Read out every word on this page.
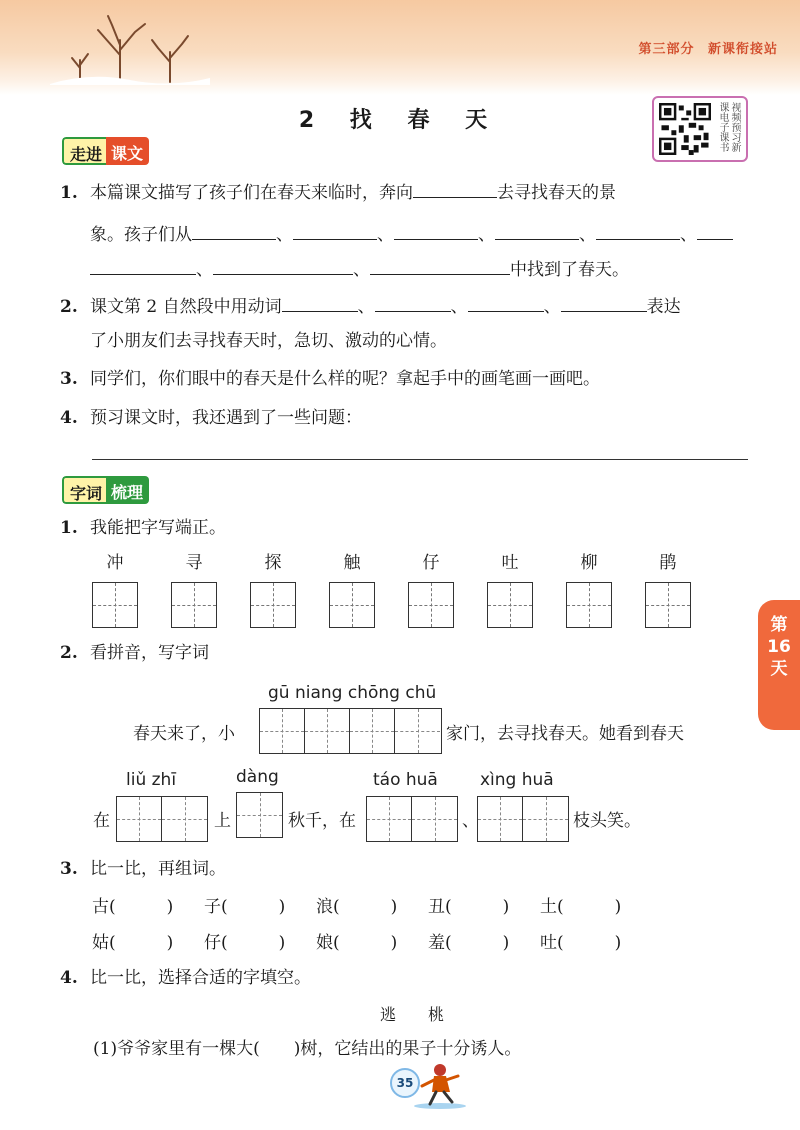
第三部分 新课衔接站
2 找 春 天	视频预习新课电子课书
走进 课文
1. 本篇课文描写了孩子们在春天来临时，奔向	去寻找春天的景
象。孩子们从	、	、	、	、	、
、	、	中找到了春天。
2. 课文第 2 自然段中用动词	、	、	、	表达
了小朋友们去寻找春天时，急切、激动的心情。
3. 同学们，你们眼中的春天是什么样的呢？拿起手中的画笔画一画吧。
4. 预习课文时，我还遇到了一些问题：
字词 梳理
1. 我能把字写端正。
冲	寻	探	触	仔	吐	柳	鹃
2. 看拼音，写字词
gū niang chōng chū
春天来了，小	家门，去寻找春天。她看到春天
liǔ zhī	dàng	táo huā xìng huā
在	上	秋千，在	、	枝头笑。
3. 比一比，再组词。
古(　　　) 子(　　　) 浪(　　　) 丑(　　　) 土(　　　)
姑(　　　) 仔(　　　) 娘(　　　) 羞(　　　) 吐(　　　)
4. 比一比，选择合适的字填空。
逃　　桃
(1)爷爷家里有一棵大(　　)树，它结出的果子十分诱人。
第
16
天
35
